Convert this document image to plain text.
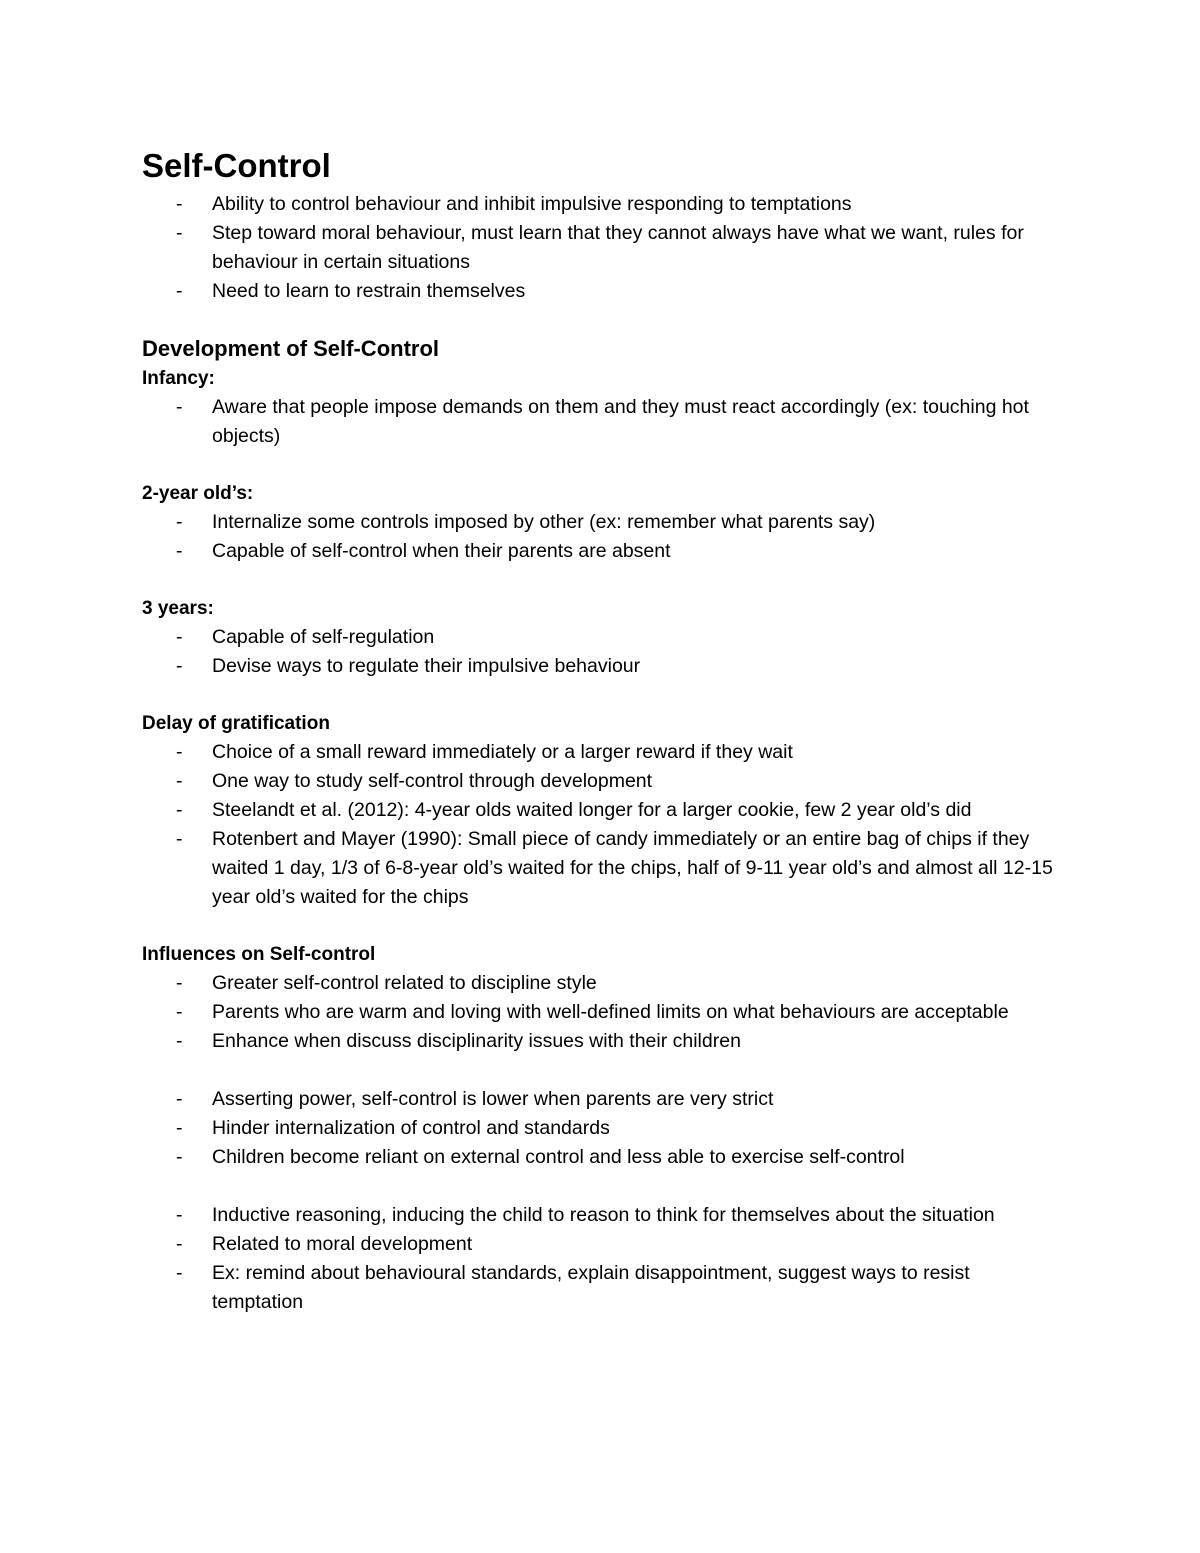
Self-Control
- Ability to control behaviour and inhibit impulsive responding to temptations
- Step toward moral behaviour, must learn that they cannot always have what we want, rules for behaviour in certain situations
- Need to learn to restrain themselves
Development of Self-Control

Infancy:

- Aware that people impose demands on them and they must react accordingly (ex: touching hot objects)

2-year old’s:

- Internalize some controls imposed by other (ex: remember what parents say)
- Capable of self-control when their parents are absent

3 years:

- Capable of self-regulation
- Devise ways to regulate their impulsive behaviour

Delay of gratification

- Choice of a small reward immediately or a larger reward if they wait
- One way to study self-control through development
- Steelandt et al. (2012): 4-year olds waited longer for a larger cookie, few 2 year old’s did
- Rotenbert and Mayer (1990): Small piece of candy immediately or an entire bag of chips if they waited 1 day, 1/3 of 6-8-year old’s waited for the chips, half of 9-11 year old’s and almost all 12-15 year old’s waited for the chips

Influences on Self-control

- Greater self-control related to discipline style
- Parents who are warm and loving with well-defined limits on what behaviours are acceptable
- Enhance when discuss disciplinarity issues with their children
- Asserting power, self-control is lower when parents are very strict
- Hinder internalization of control and standards
- Children become reliant on external control and less able to exercise self-control
- Inductive reasoning, inducing the child to reason to think for themselves about the situation
- Related to moral development
- Ex: remind about behavioural standards, explain disappointment, suggest ways to resist temptation
